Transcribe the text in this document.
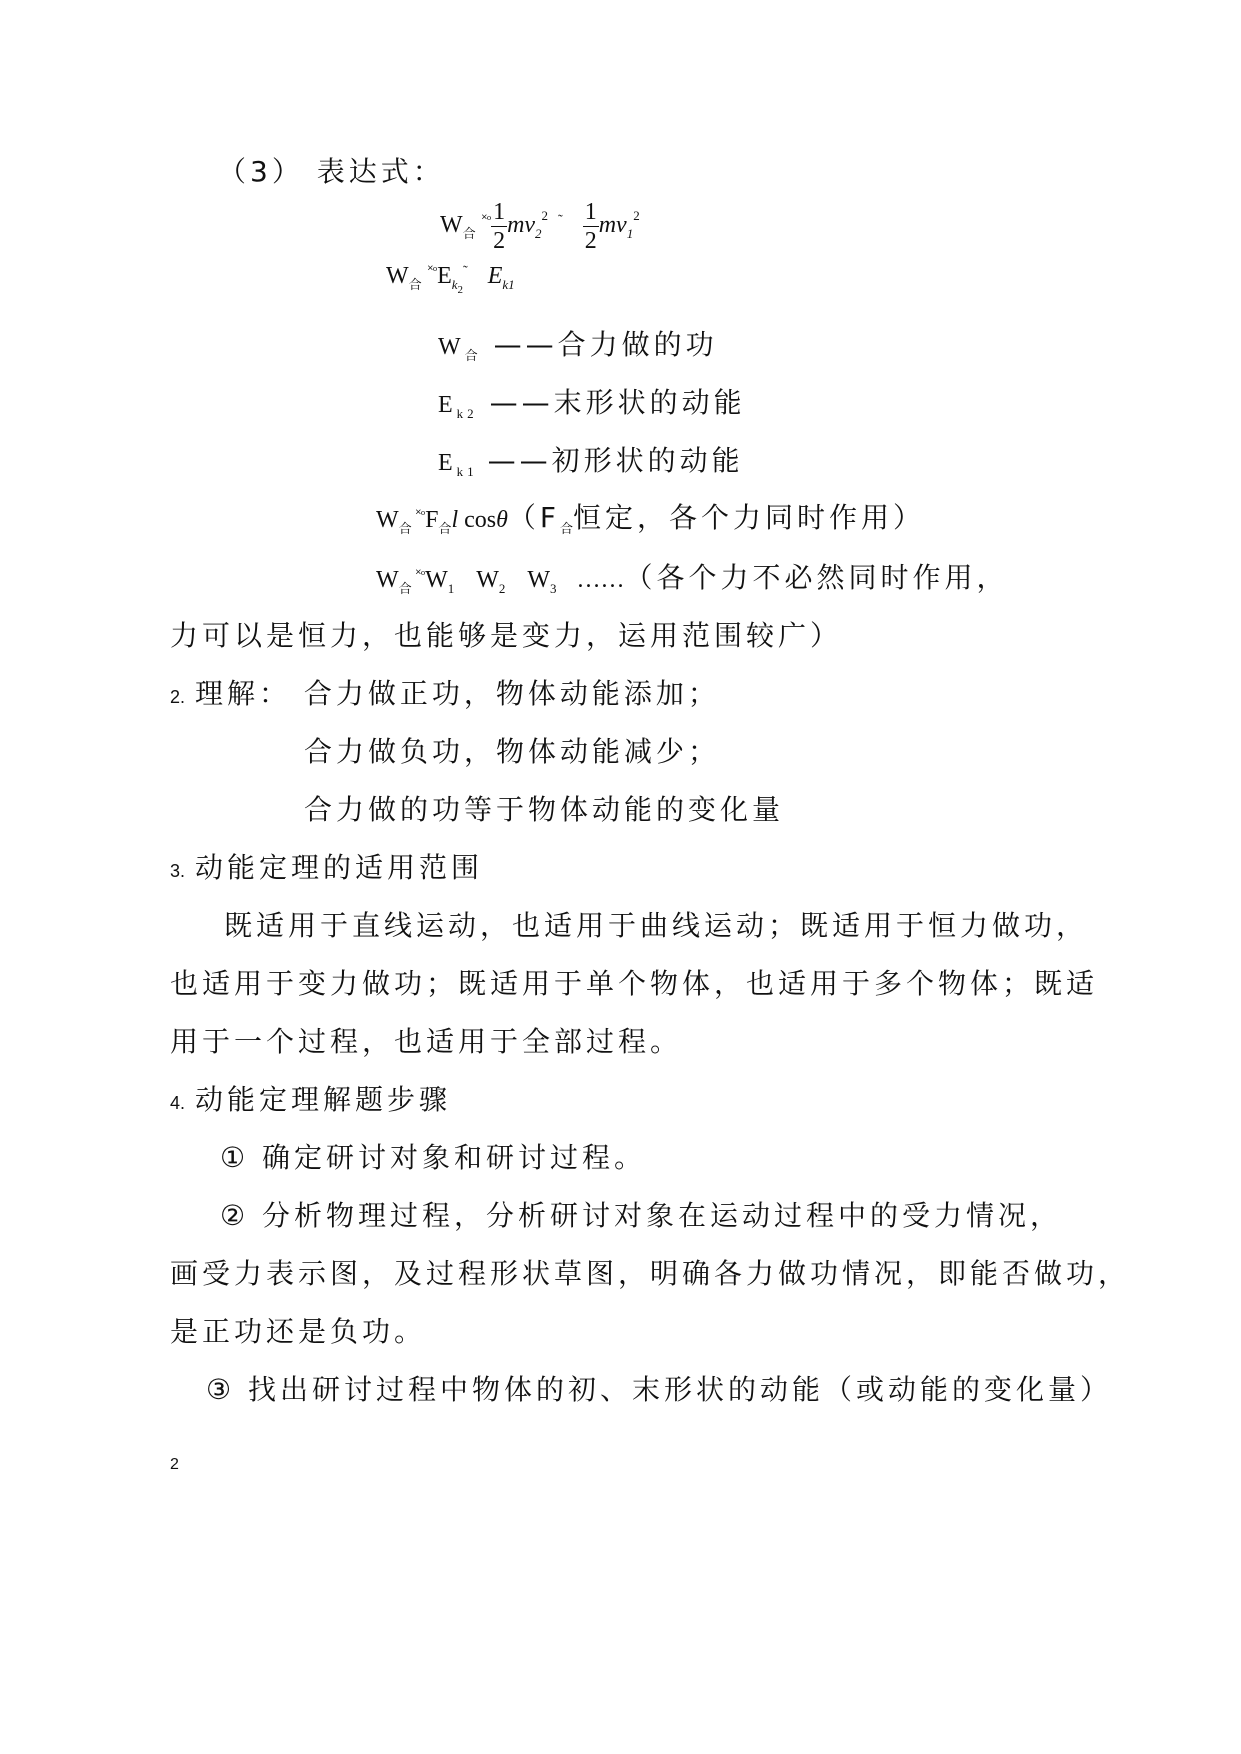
（3） 表达式：
$W_合$ $^{˟ᵒ} \frac{1}{2} mv_2^2$ $^˜ \frac{1}{2} mv_1^2$
$W_合$ $^{˟ᵒ}E_{k2}^˜$ $E_{k1}$
$W_合$ ——合力做的功
$E_{k2}$ ——末形状的动能
$E_{k1}$ ——初形状的动能
$W_合$ ˟ᵒF$_合$l $\cos\theta(F_合$恒定，各个力同时作用）
$W_合$ ˟ᵒW$_1$ $W_2$ $W_3$ ……（各个力不必然同时作用，
力可以是恒力，也能够是变力，运用范围较广）
2. 理解： 合力做正功，物体动能添加；
合力做负功，物体动能减少；
合力做的功等于物体动能的变化量
3. 动能定理的适用范围
既适用于直线运动，也适用于曲线运动；既适用于恒力做功，
也适用于变力做功；既适用于单个物体，也适用于多个物体；既适
用于一个过程，也适用于全部过程。
4. 动能定理解题步骤
① 确定研讨对象和研讨过程。
② 分析物理过程，分析研讨对象在运动过程中的受力情况，
画受力表示图，及过程形状草图，明确各力做功情况，即能否做功，
是正功还是负功。
③ 找出研讨过程中物体的初、末形状的动能（或动能的变化量）
2
